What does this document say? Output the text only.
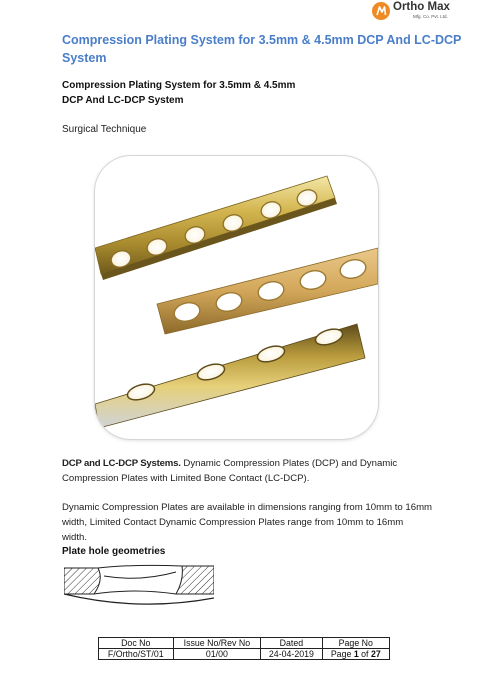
Ortho Max
Mfg. Co. Pvt. Ltd.
Compression Plating System for 3.5mm & 4.5mm DCP And LC-DCP System
Compression Plating System for 3.5mm & 4.5mm
DCP And LC-DCP System
Surgical Technique
DCP and LC-DCP Systems. Dynamic Compression Plates (DCP) and Dynamic
Compression Plates with Limited Bone Contact (LC-DCP).
Dynamic Compression Plates are available in dimensions ranging from 10mm to 16mm
width, Limited Contact Dynamic Compression Plates range from 10mm to 16mm
width.
Plate hole geometries
Doc No	Issue No/Rev No	Dated	Page No
F/Ortho/ST/01	01/00	24-04-2019	Page 1 of 27
